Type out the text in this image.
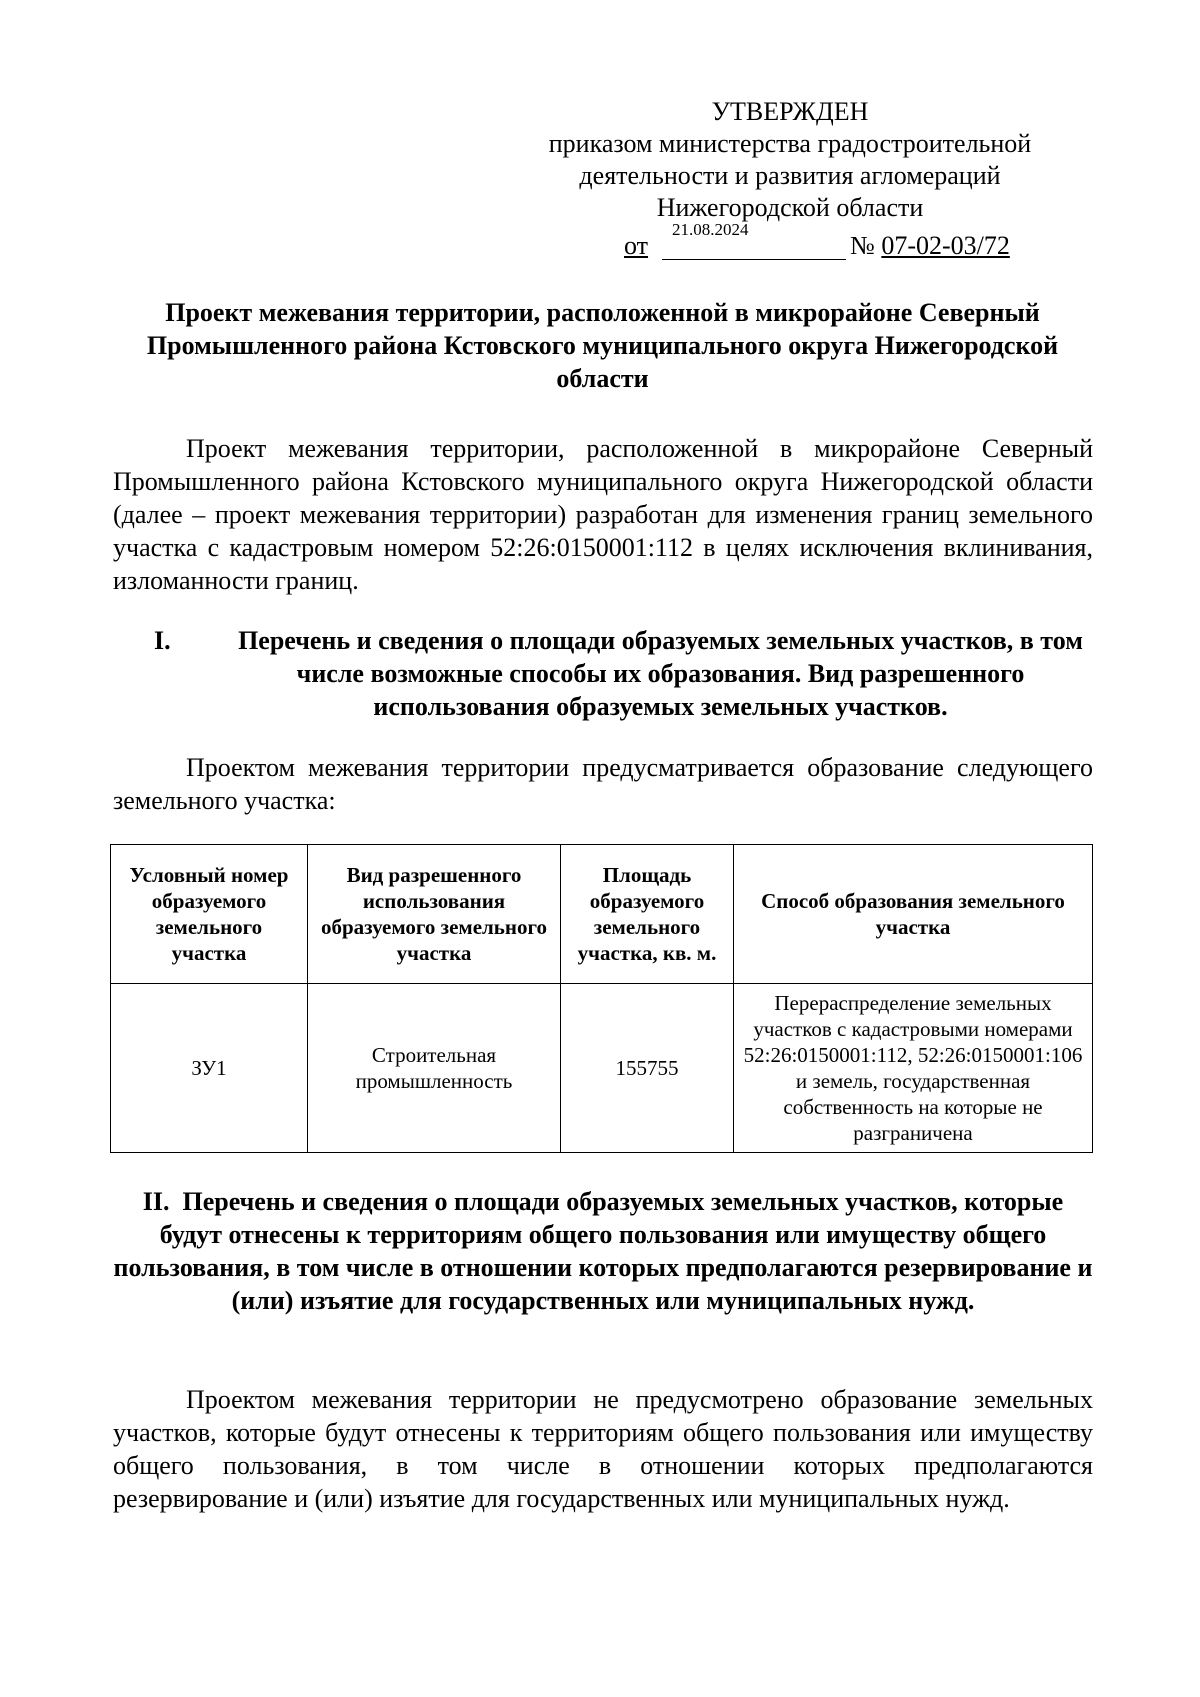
УТВЕРЖДЕН
приказом министерства градостроительной
деятельности и развития агломераций
Нижегородской области
от
21.08.2024
№ 07-02-03/72
Проект межевания территории, расположенной в микрорайоне Северный Промышленного района Кстовского муниципального округа Нижегородской области

Проект межевания территории, расположенной в микрорайоне Северный Промышленного района Кстовского муниципального округа Нижегородской области (далее – проект межевания территории) разработан для изменения границ земельного участка с кадастровым номером 52:26:0150001:112 в целях исключения вклинивания, изломанности границ.

I.	Перечень и сведения о площади образуемых земельных участков, в том числе возможные способы их образования. Вид разрешенного использования образуемых земельных участков.

Проектом межевания территории предусматривается образование следующего земельного участка:

Условный номер образуемого земельного участка	Вид разрешенного использования образуемого земельного участка	Площадь образуемого земельного участка, кв. м.	Способ образования земельного участка
ЗУ1	Строительная промышленность	155755	Перераспределение земельных участков с кадастровыми номерами 52:26:0150001:112, 52:26:0150001:106 и земель, государственная собственность на которые не разграничена
II. Перечень и сведения о площади образуемых земельных участков, которые будут отнесены к территориям общего пользования или имуществу общего пользования, в том числе в отношении которых предполагаются резервирование и (или) изъятие для государственных или муниципальных нужд.

Проектом межевания территории не предусмотрено образование земельных участков, которые будут отнесены к территориям общего пользования или имуществу общего пользования, в том числе в отношении которых предполагаются резервирование и (или) изъятие для государственных или муниципальных нужд.
